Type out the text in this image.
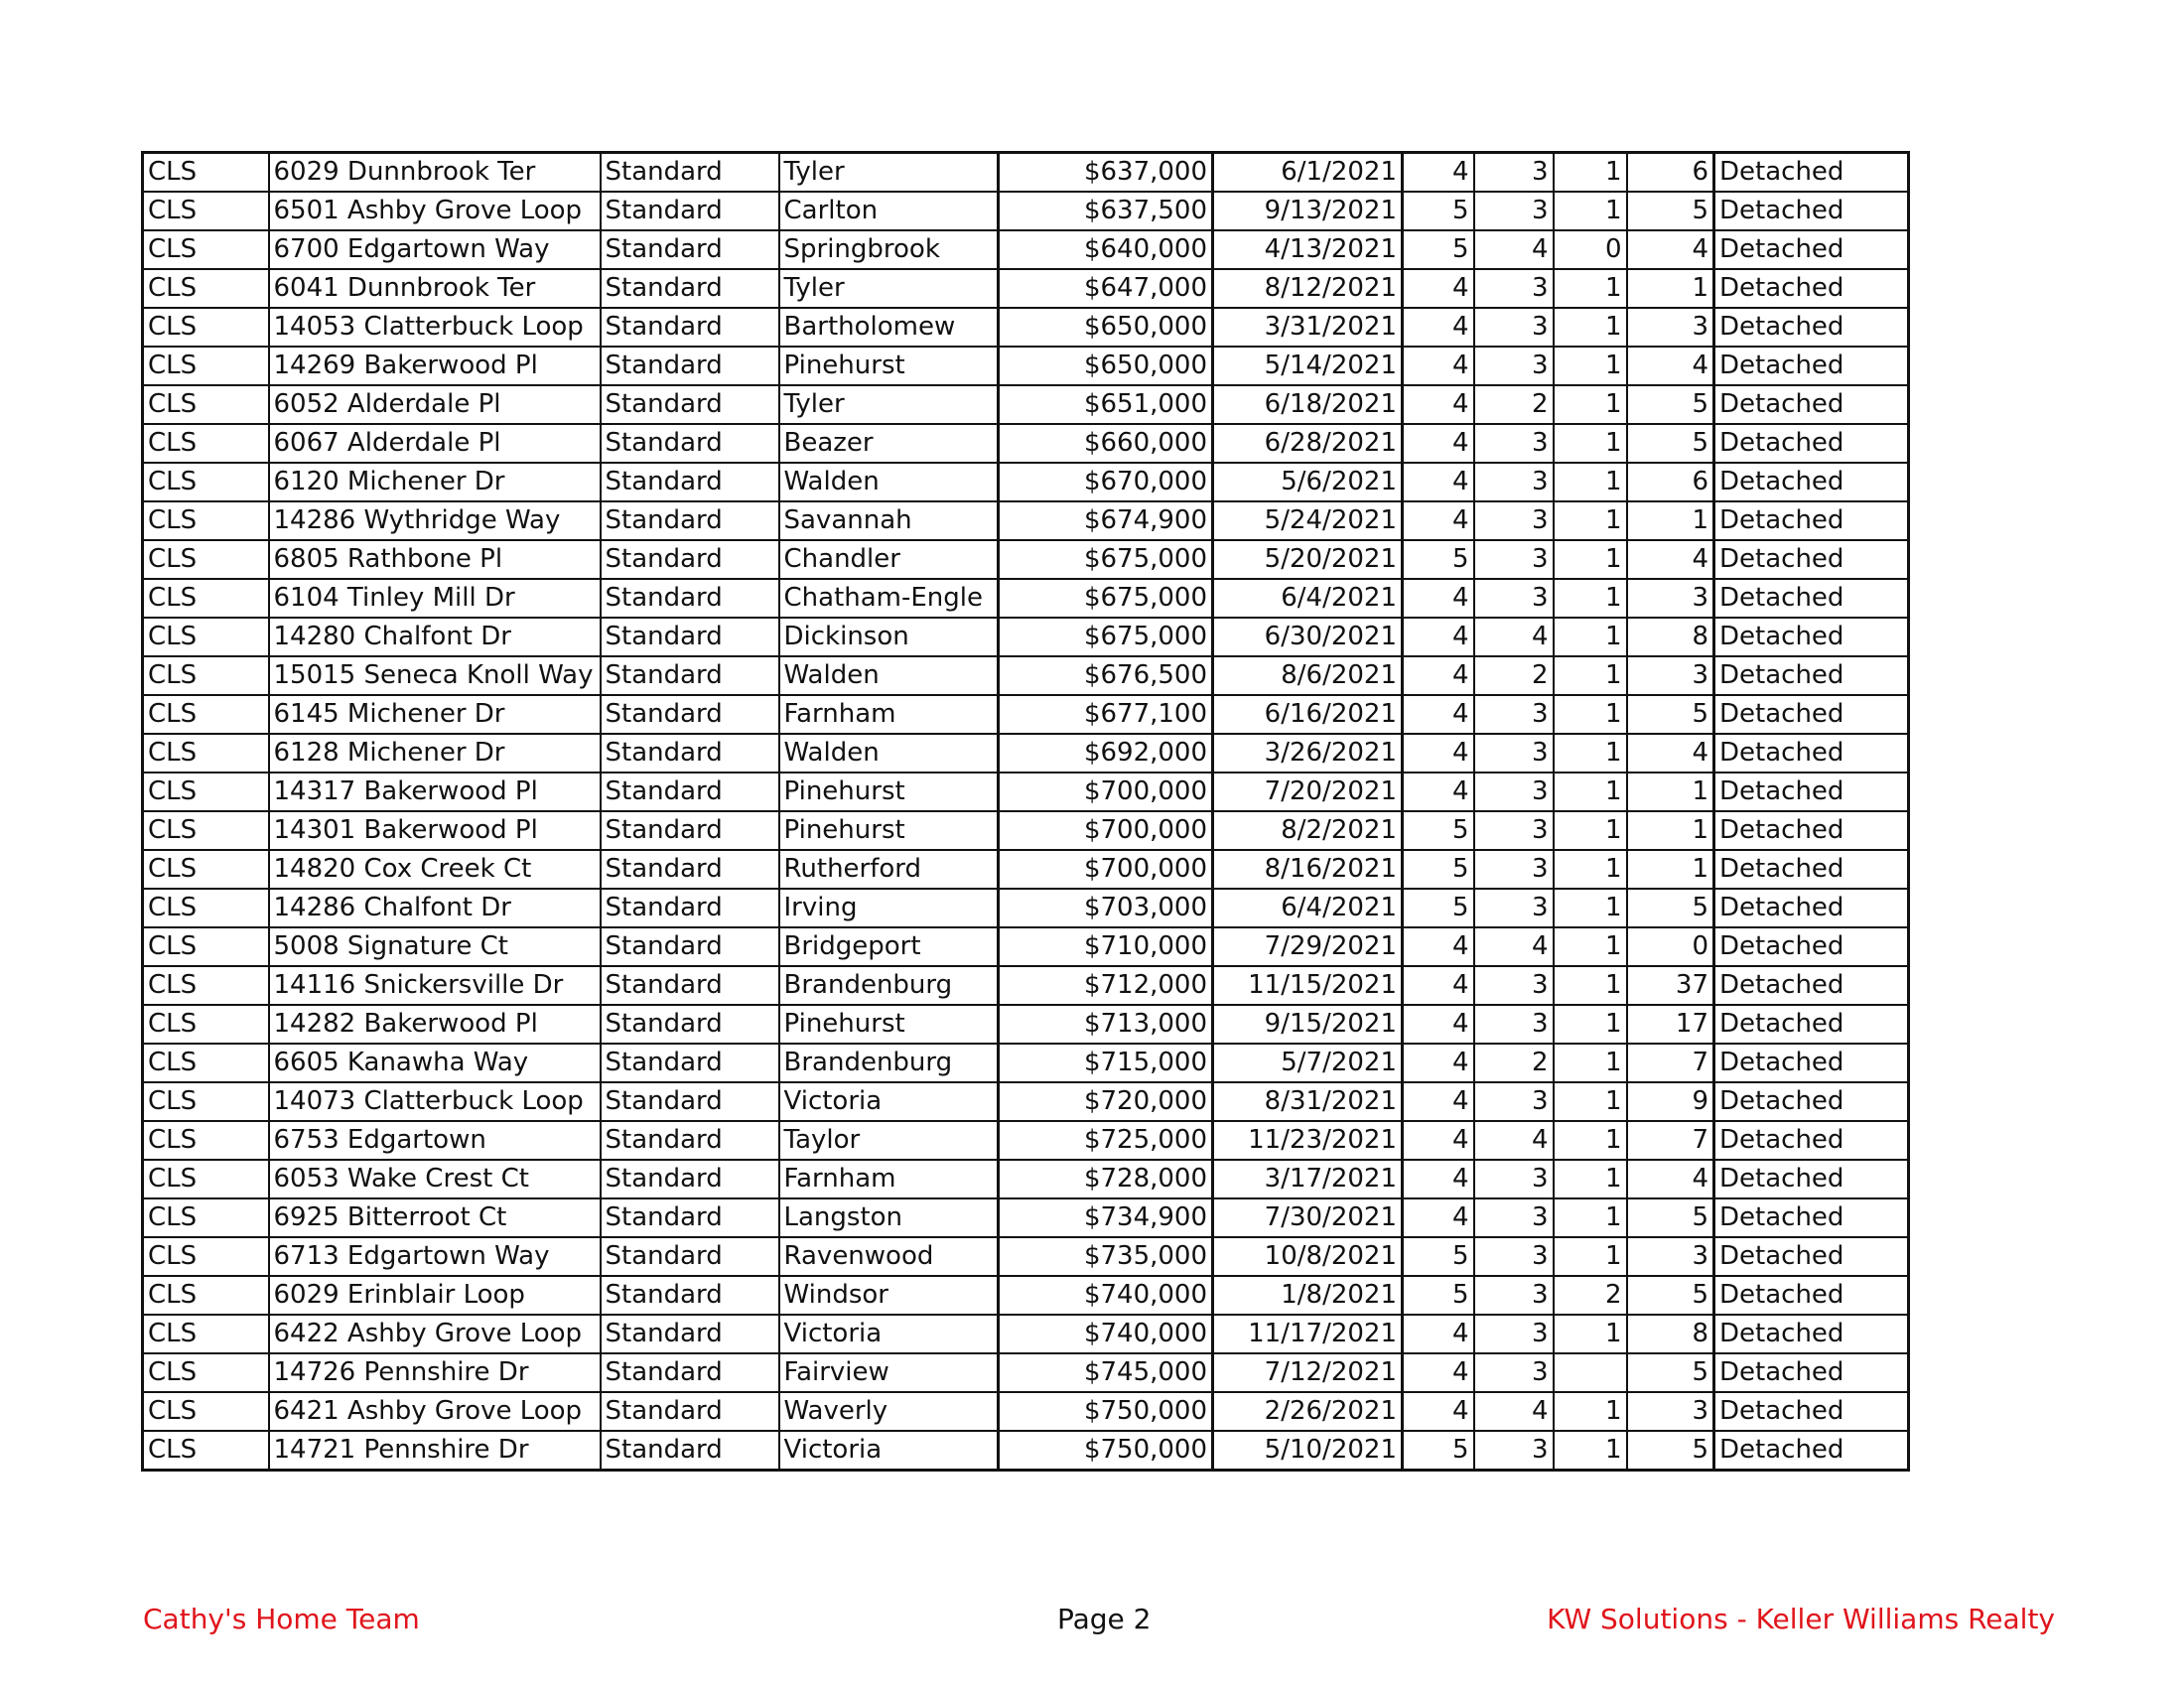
CLS	6029 Dunnbrook Ter	Standard	Tyler	$637,000	6/1/2021	4	3	1	6	Detached
CLS	6501 Ashby Grove Loop	Standard	Carlton	$637,500	9/13/2021	5	3	1	5	Detached
CLS	6700 Edgartown Way	Standard	Springbrook	$640,000	4/13/2021	5	4	0	4	Detached
CLS	6041 Dunnbrook Ter	Standard	Tyler	$647,000	8/12/2021	4	3	1	1	Detached
CLS	14053 Clatterbuck Loop	Standard	Bartholomew	$650,000	3/31/2021	4	3	1	3	Detached
CLS	14269 Bakerwood Pl	Standard	Pinehurst	$650,000	5/14/2021	4	3	1	4	Detached
CLS	6052 Alderdale Pl	Standard	Tyler	$651,000	6/18/2021	4	2	1	5	Detached
CLS	6067 Alderdale Pl	Standard	Beazer	$660,000	6/28/2021	4	3	1	5	Detached
CLS	6120 Michener Dr	Standard	Walden	$670,000	5/6/2021	4	3	1	6	Detached
CLS	14286 Wythridge Way	Standard	Savannah	$674,900	5/24/2021	4	3	1	1	Detached
CLS	6805 Rathbone Pl	Standard	Chandler	$675,000	5/20/2021	5	3	1	4	Detached
CLS	6104 Tinley Mill Dr	Standard	Chatham-Engle	$675,000	6/4/2021	4	3	1	3	Detached
CLS	14280 Chalfont Dr	Standard	Dickinson	$675,000	6/30/2021	4	4	1	8	Detached
CLS	15015 Seneca Knoll Way	Standard	Walden	$676,500	8/6/2021	4	2	1	3	Detached
CLS	6145 Michener Dr	Standard	Farnham	$677,100	6/16/2021	4	3	1	5	Detached
CLS	6128 Michener Dr	Standard	Walden	$692,000	3/26/2021	4	3	1	4	Detached
CLS	14317 Bakerwood Pl	Standard	Pinehurst	$700,000	7/20/2021	4	3	1	1	Detached
CLS	14301 Bakerwood Pl	Standard	Pinehurst	$700,000	8/2/2021	5	3	1	1	Detached
CLS	14820 Cox Creek Ct	Standard	Rutherford	$700,000	8/16/2021	5	3	1	1	Detached
CLS	14286 Chalfont Dr	Standard	Irving	$703,000	6/4/2021	5	3	1	5	Detached
CLS	5008 Signature Ct	Standard	Bridgeport	$710,000	7/29/2021	4	4	1	0	Detached
CLS	14116 Snickersville Dr	Standard	Brandenburg	$712,000	11/15/2021	4	3	1	37	Detached
CLS	14282 Bakerwood Pl	Standard	Pinehurst	$713,000	9/15/2021	4	3	1	17	Detached
CLS	6605 Kanawha Way	Standard	Brandenburg	$715,000	5/7/2021	4	2	1	7	Detached
CLS	14073 Clatterbuck Loop	Standard	Victoria	$720,000	8/31/2021	4	3	1	9	Detached
CLS	6753 Edgartown	Standard	Taylor	$725,000	11/23/2021	4	4	1	7	Detached
CLS	6053 Wake Crest Ct	Standard	Farnham	$728,000	3/17/2021	4	3	1	4	Detached
CLS	6925 Bitterroot Ct	Standard	Langston	$734,900	7/30/2021	4	3	1	5	Detached
CLS	6713 Edgartown Way	Standard	Ravenwood	$735,000	10/8/2021	5	3	1	3	Detached
CLS	6029 Erinblair Loop	Standard	Windsor	$740,000	1/8/2021	5	3	2	5	Detached
CLS	6422 Ashby Grove Loop	Standard	Victoria	$740,000	11/17/2021	4	3	1	8	Detached
CLS	14726 Pennshire Dr	Standard	Fairview	$745,000	7/12/2021	4	3		5	Detached
CLS	6421 Ashby Grove Loop	Standard	Waverly	$750,000	2/26/2021	4	4	1	3	Detached
CLS	14721 Pennshire Dr	Standard	Victoria	$750,000	5/10/2021	5	3	1	5	Detached
Cathy's Home Team	Page 2	KW Solutions - Keller Williams Realty
